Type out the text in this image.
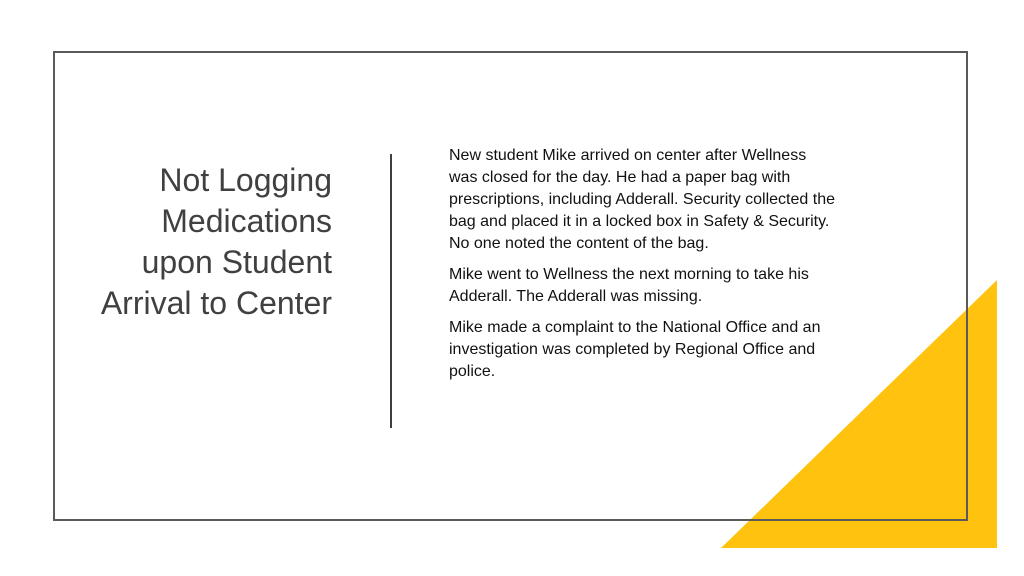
Not Logging Medications upon Student Arrival to Center

New student Mike arrived on center after Wellness was closed for the day. He had a paper bag with prescriptions, including Adderall. Security collected the bag and placed it in a locked box in Safety & Security. No one noted the content of the bag.

Mike went to Wellness the next morning to take his Adderall. The Adderall was missing.

Mike made a complaint to the National Office and an investigation was completed by Regional Office and police.
